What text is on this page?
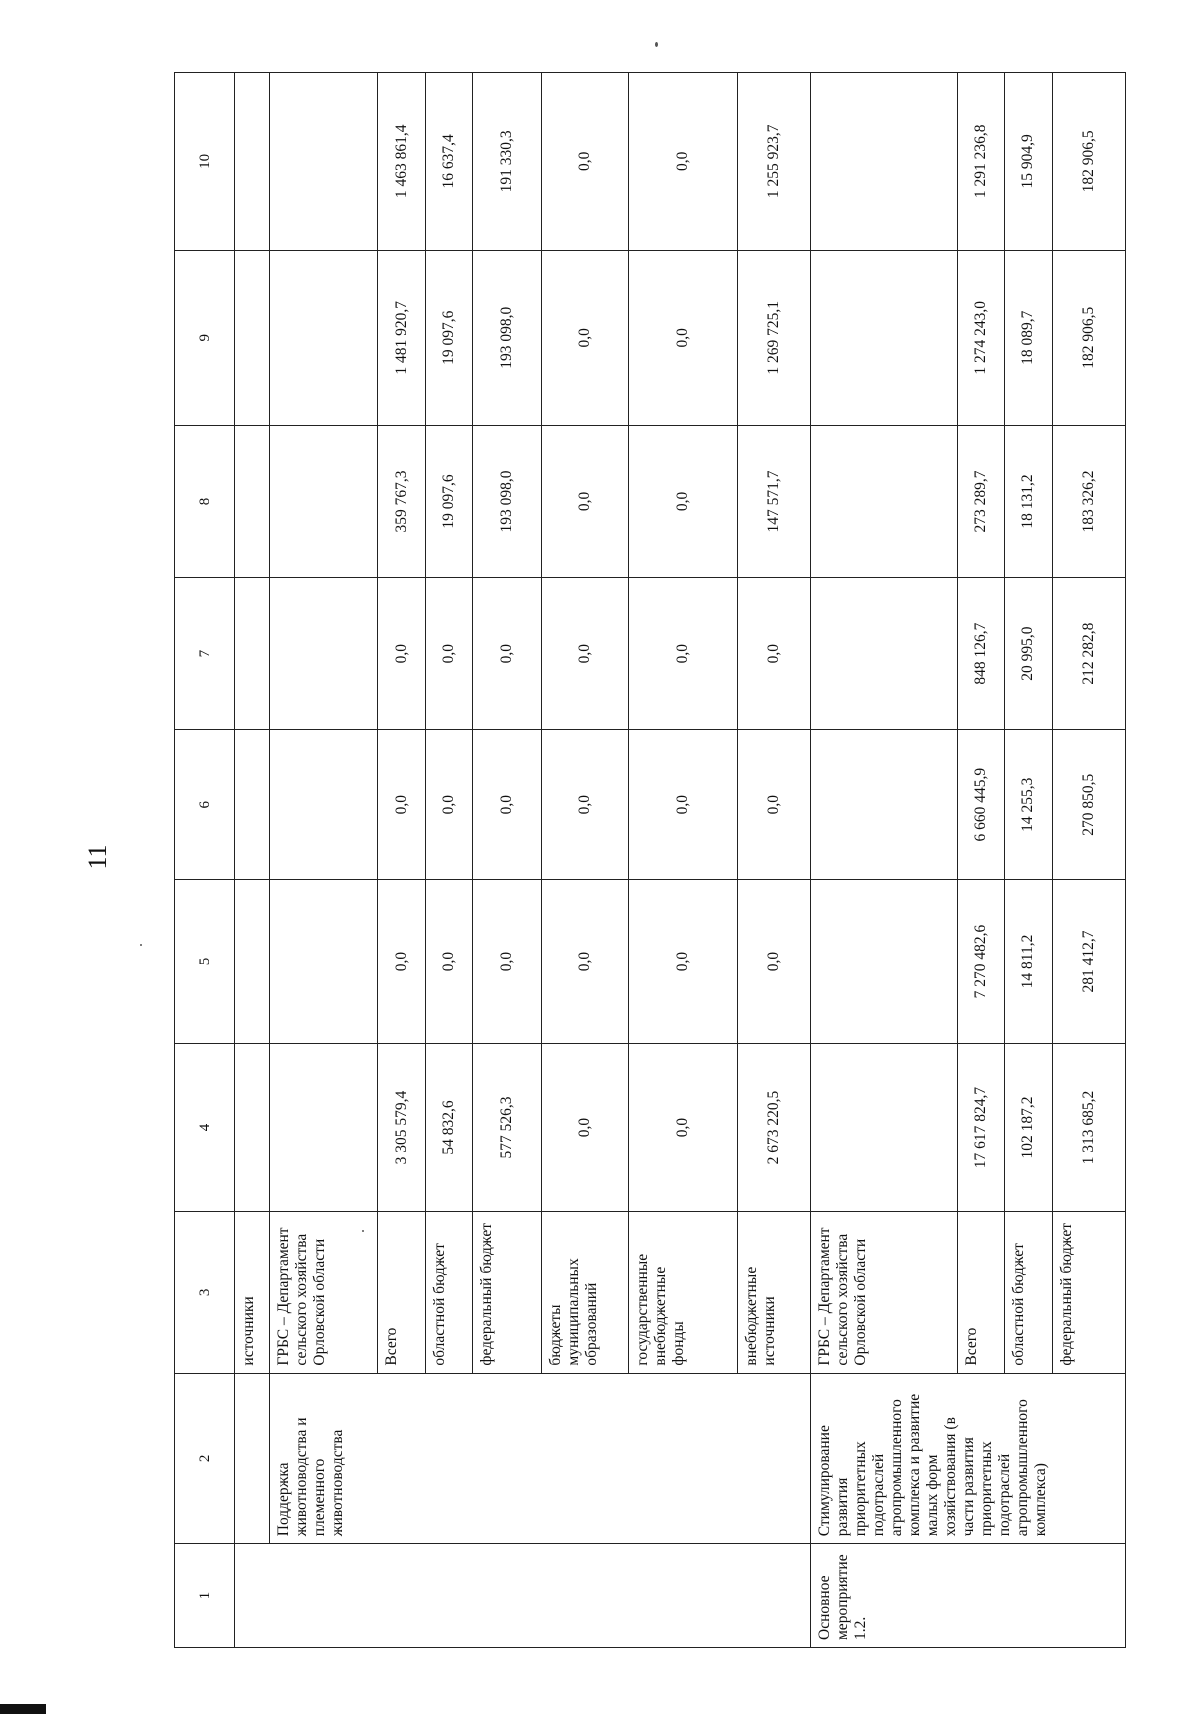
11
1	2	3	4	5	6	7	8	9	10
		источники							
	Поддержка животноводства и племенного животноводства	ГРБС – Департамент сельского хозяйства Орловской области							
		Всего	3 305 579,4	0,0	0,0	0,0	359 767,3	1 481 920,7	1 463 861,4
		областной бюджет	54 832,6	0,0	0,0	0,0	19 097,6	19 097,6	16 637,4
		федеральный бюджет	577 526,3	0,0	0,0	0,0	193 098,0	193 098,0	191 330,3
		бюджеты муниципальных образований	0,0	0,0	0,0	0,0	0,0	0,0	0,0
		государственные внебюджетные фонды	0,0	0,0	0,0	0,0	0,0	0,0	0,0
		внебюджетные источники	2 673 220,5	0,0	0,0	0,0	147 571,7	1 269 725,1	1 255 923,7
Основное мероприятие 1.2.	Стимулирование развития приоритетных подотраслей агропромышленного комплекса и развитие малых форм хозяйствования (в части развития приоритетных подотраслей агропромышленного комплекса)	ГРБС – Департамент сельского хозяйства Орловской области							
		Всего	17 617 824,7	7 270 482,6	6 660 445,9	848 126,7	273 289,7	1 274 243,0	1 291 236,8
		областной бюджет	102 187,2	14 811,2	14 255,3	20 995,0	18 131,2	18 089,7	15 904,9
		федеральный бюджет	1 313 685,2	281 412,7	270 850,5	212 282,8	183 326,2	182 906,5	182 906,5
